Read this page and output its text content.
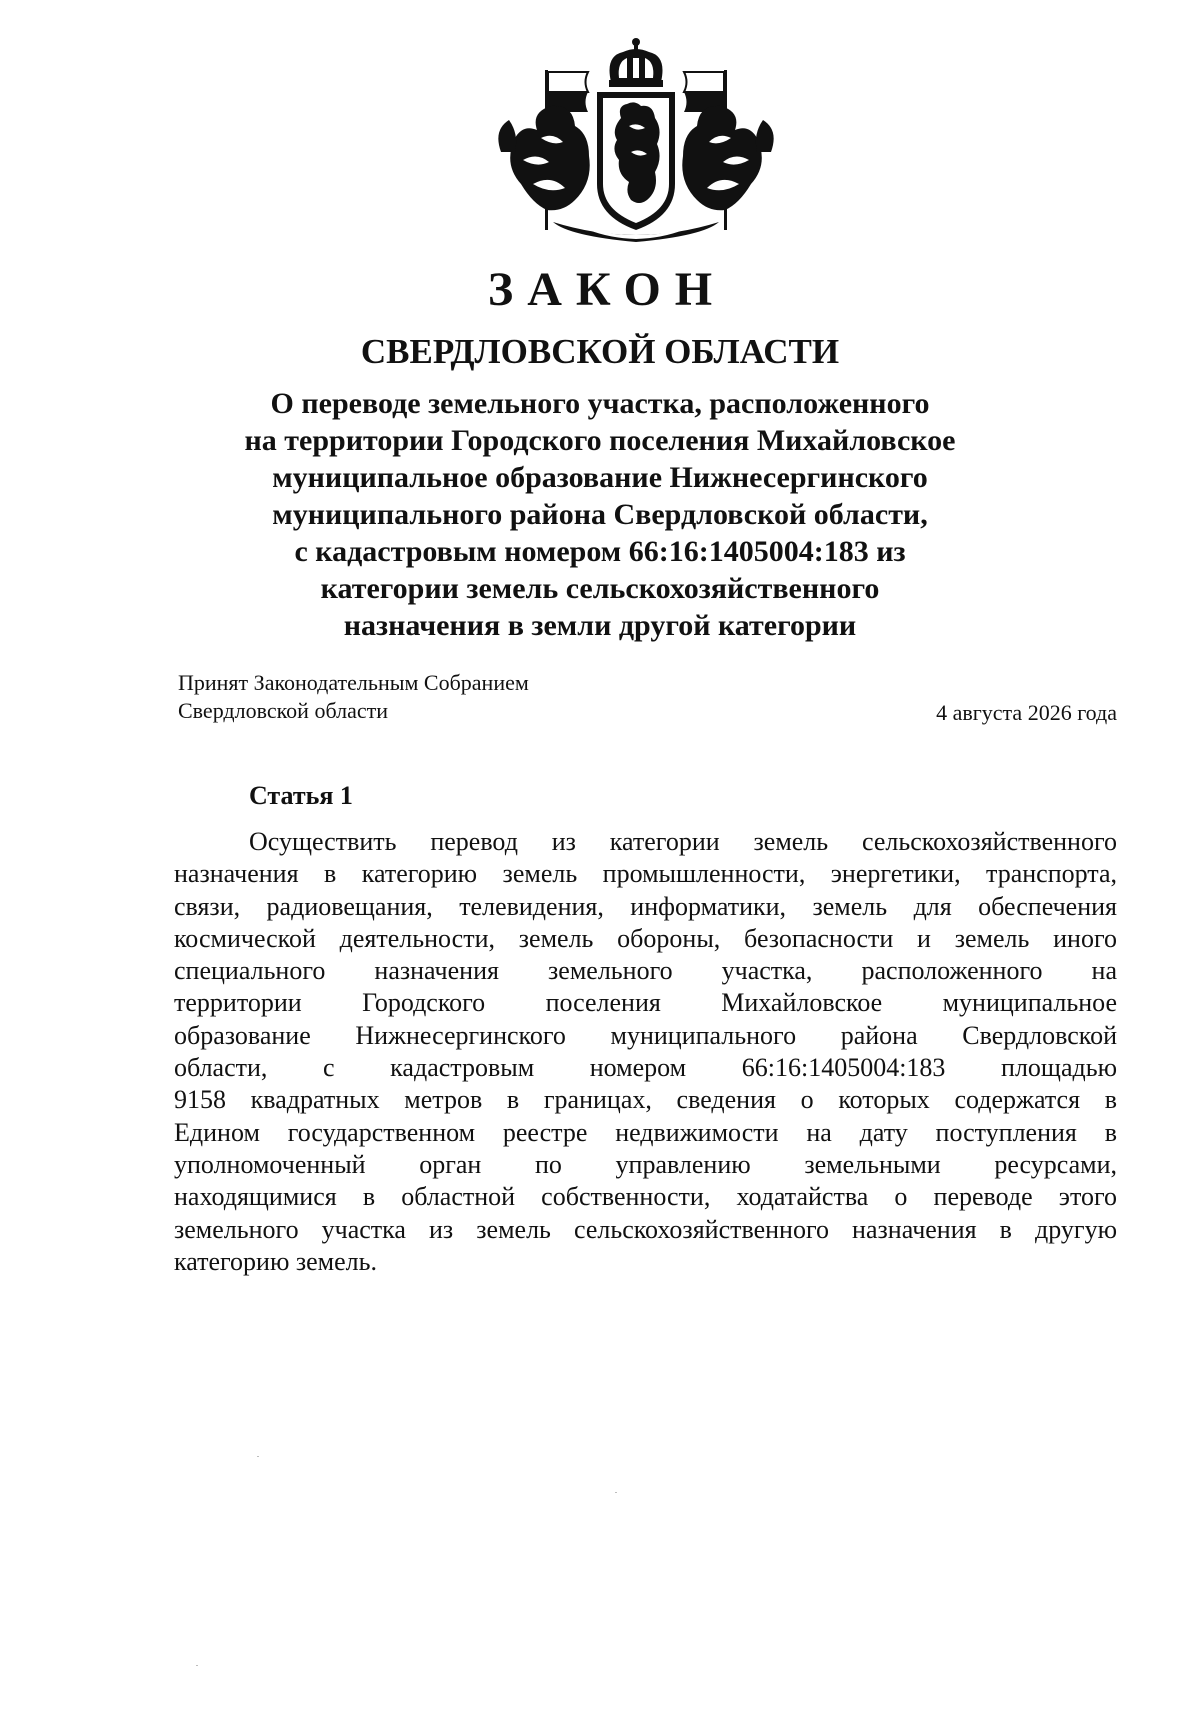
ЗАКОН
СВЕРДЛОВСКОЙ ОБЛАСТИ
О переводе земельного участка, расположенного
на территории Городского поселения Михайловское
муниципальное образование Нижнесергинского
муниципального района Свердловской области,
с кадастровым номером 66:16:1405004:183 из
категории земель сельскохозяйственного
назначения в земли другой категории
Принят Законодательным Собранием
Свердловской области	4 августа 2026 года
Статья 1
Осуществить перевод из категории земель сельскохозяйственного
назначения в категорию земель промышленности, энергетики, транспорта,
связи, радиовещания, телевидения, информатики, земель для обеспечения
космической деятельности, земель обороны, безопасности и земель иного
специального назначения земельного участка, расположенного на
территории Городского поселения Михайловское муниципальное
образование Нижнесергинского муниципального района Свердловской
области, с кадастровым номером 66:16:1405004:183 площадью
9158 квадратных метров в границах, сведения о которых содержатся в
Едином государственном реестре недвижимости на дату поступления в
уполномоченный орган по управлению земельными ресурсами,
находящимися в областной собственности, ходатайства о переводе этого
земельного участка из земель сельскохозяйственного назначения в другую
категорию земель.
